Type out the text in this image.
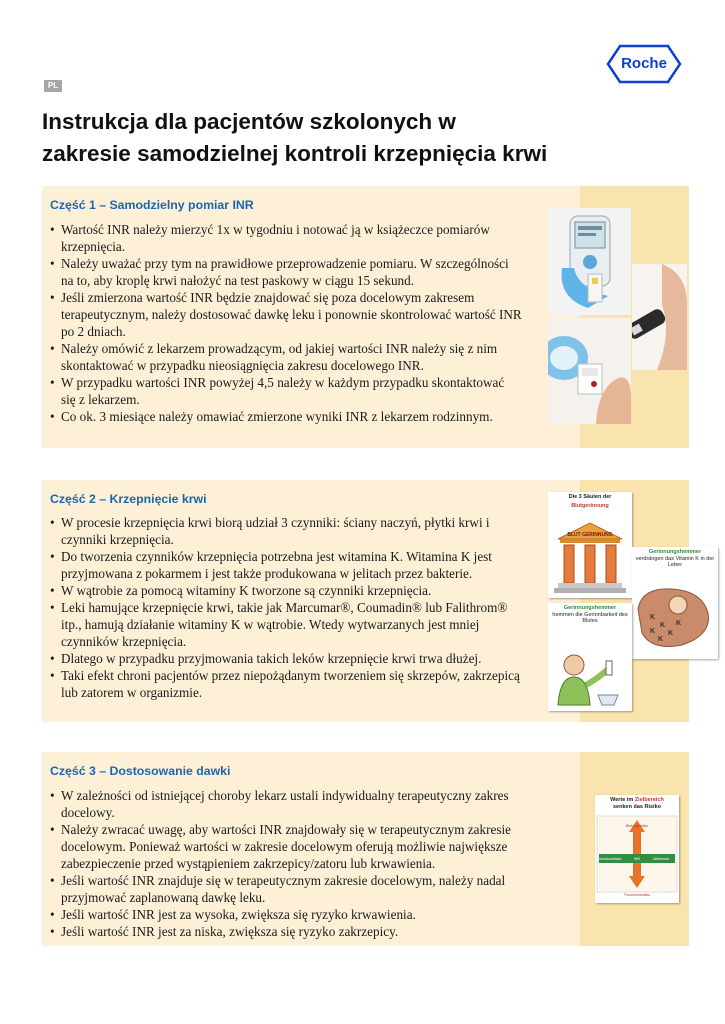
PL
Roche
Instrukcja dla pacjentów szkolonych w
zakresie samodzielnej kontroli krzepnięcia krwi
Część 1 – Samodzielny pomiar INR
• Wartość INR należy mierzyć 1x w tygodniu i notować ją w książeczce pomiarów krzepnięcia.
• Należy uważać przy tym na prawidłowe przeprowadzenie pomiaru. W szczególności na to, aby kroplę krwi nałożyć na test paskowy w ciągu 15 sekund.
• Jeśli zmierzona wartość INR będzie znajdować się poza docelowym zakresem terapeutycznym, należy dostosować dawkę leku i ponownie skontrolować wartość INR po 2 dniach.
• Należy omówić z lekarzem prowadzącym, od jakiej wartości INR należy się z nim skontaktować w przypadku nieosiągnięcia zakresu docelowego INR.
• W przypadku wartości INR powyżej 4,5 należy w każdym przypadku skontaktować się z lekarzem.
• Co ok. 3 miesiące należy omawiać zmierzone wyniki INR z lekarzem rodzinnym.
Część 2 – Krzepnięcie krwi
• W procesie krzepnięcia krwi biorą udział 3 czynniki: ściany naczyń, płytki krwi i czynniki krzepnięcia.
• Do tworzenia czynników krzepnięcia potrzebna jest witamina K. Witamina K jest przyjmowana z pokarmem i jest także produkowana w jelitach przez bakterie.
• W wątrobie za pomocą witaminy K tworzone są czynniki krzepnięcia.
• Leki hamujące krzepnięcie krwi, takie jak Marcumar®, Coumadin® lub Falithrom® itp., hamują działanie witaminy K w wątrobie. Wtedy wytwarzanych jest mniej czynników krzepnięcia.
• Dlatego w przypadku przyjmowania takich leków krzepnięcie krwi trwa dłużej.
• Taki efekt chroni pacjentów przez niepożądanym tworzeniem się skrzepów, zakrzepicą lub zatorem w organizmie.
Die 3 Säulen der
Blutgerinnung
BLUT GERINNUNG
Gerinnungshemmer
verdrängen das Vitamin K in der Leber
K
K
K K
K
K
Gerinnungshemmer
hemmen die Gerinnbarkeit des Blutes
Część 3 – Dostosowanie dawki
• W zależności od istniejącej choroby lekarz ustali indywidualny terapeutyczny zakres docelowy.
• Należy zwracać uwagę, aby wartości INR znajdowały się w terapeutycznym zakresie docelowym. Ponieważ wartości w zakresie docelowym oferują możliwie największe zabezpieczenie przed wystąpieniem zakrzepicy/zatoru lub krwawienia.
• Jeśli wartość INR znajduje się w terapeutycznym zakresie docelowym, należy nadal przyjmować zaplanowaną dawkę leku.
• Jeśli wartość INR jest za wysoka, zwiększa się ryzyko krwawienia.
• Jeśli wartość INR jest za niska, zwiększa się ryzyko zakrzepicy.
Werte im Zielbereich
senken das Risiko
Blutungsrisiko
Thromboserisiko	INR	Zielbereich
Thromboserisiko
